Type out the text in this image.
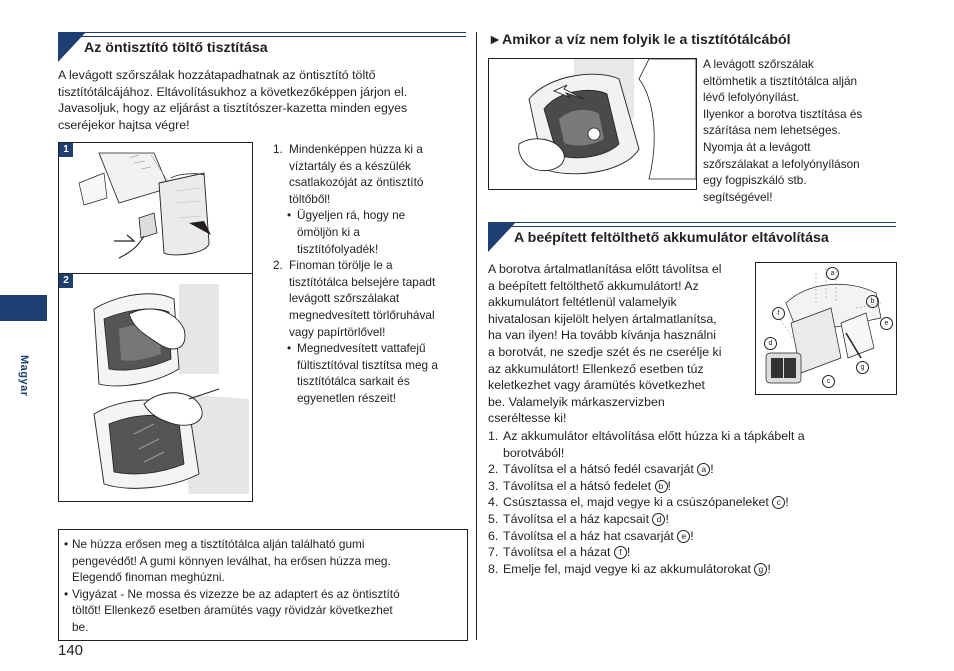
Magyar
Az öntisztító töltő tisztítása
A levágott szőrszálak hozzátapadhatnak az öntisztító töltő
tisztítótálcájához. Eltávolításukhoz a következőképpen járjon el.
Javasoljuk, hogy az eljárást a tisztítószer-kazetta minden egyes
cseréjekor hajtsa végre!
1
2
1. Mindenképpen húzza ki a
víztartály és a készülék
csatlakozóját az öntisztító
töltőből!
• Ügyeljen rá, hogy ne
ömöljön ki a
tisztítófolyadék!
2. Finoman törölje le a
tisztítótálca belsejére tapadt
levágott szőrszálakat
megnedvesített törlőruhával
vagy papírtörlővel!
• Megnedvesített vattafejű
fültisztítóval tisztítsa meg a
tisztítótálca sarkait és
egyenetlen részeit!
• Ne húzza erősen meg a tisztítótálca alján található gumi
pengevédőt! A gumi könnyen leválhat, ha erősen húzza meg.
Elegendő finoman meghúzni.
• Vigyázat - Ne mossa és vizezze be az adaptert és az öntisztító
töltőt! Ellenkező esetben áramütés vagy rövidzár következhet
be.
140
►Amikor a víz nem folyik le a tisztítótálcából
A levágott szőrszálak
eltömhetik a tisztítótálca alján
lévő lefolyónyílást.
Ilyenkor a borotva tisztítása és
szárítása nem lehetséges.
Nyomja át a levágott
szőrszálakat a lefolyónyíláson
egy fogpiszkáló stb.
segítségével!
A beépített feltölthető akkumulátor eltávolítása
A borotva ártalmatlanítása előtt távolítsa el
a beépített feltölthető akkumulátort! Az
akkumulátort feltétlenül valamelyik
hivatalosan kijelölt helyen ártalmatlanítsa,
ha van ilyen! Ha tovább kívánja használni
a borotvát, ne szedje szét és ne cserélje ki
az akkumulátort! Ellenkező esetben túz
keletkezhet vagy áramütés következhet
be. Valamelyik márkaszervizben
cseréltesse ki!
a
b
e
f
d
g
c
1. Az akkumulátor eltávolítása előtt húzza ki a tápkábelt a
borotvából!
2. Távolítsa el a hátsó fedél csavarját a !
3. Távolítsa el a hátsó fedelet b !
4. Csúsztassa el, majd vegye ki a csúszópaneleket c !
5. Távolítsa el a ház kapcsait d !
6. Távolítsa el a ház hat csavarját e !
7. Távolítsa el a házat f !
8. Emelje fel, majd vegye ki az akkumulátorokat g !
